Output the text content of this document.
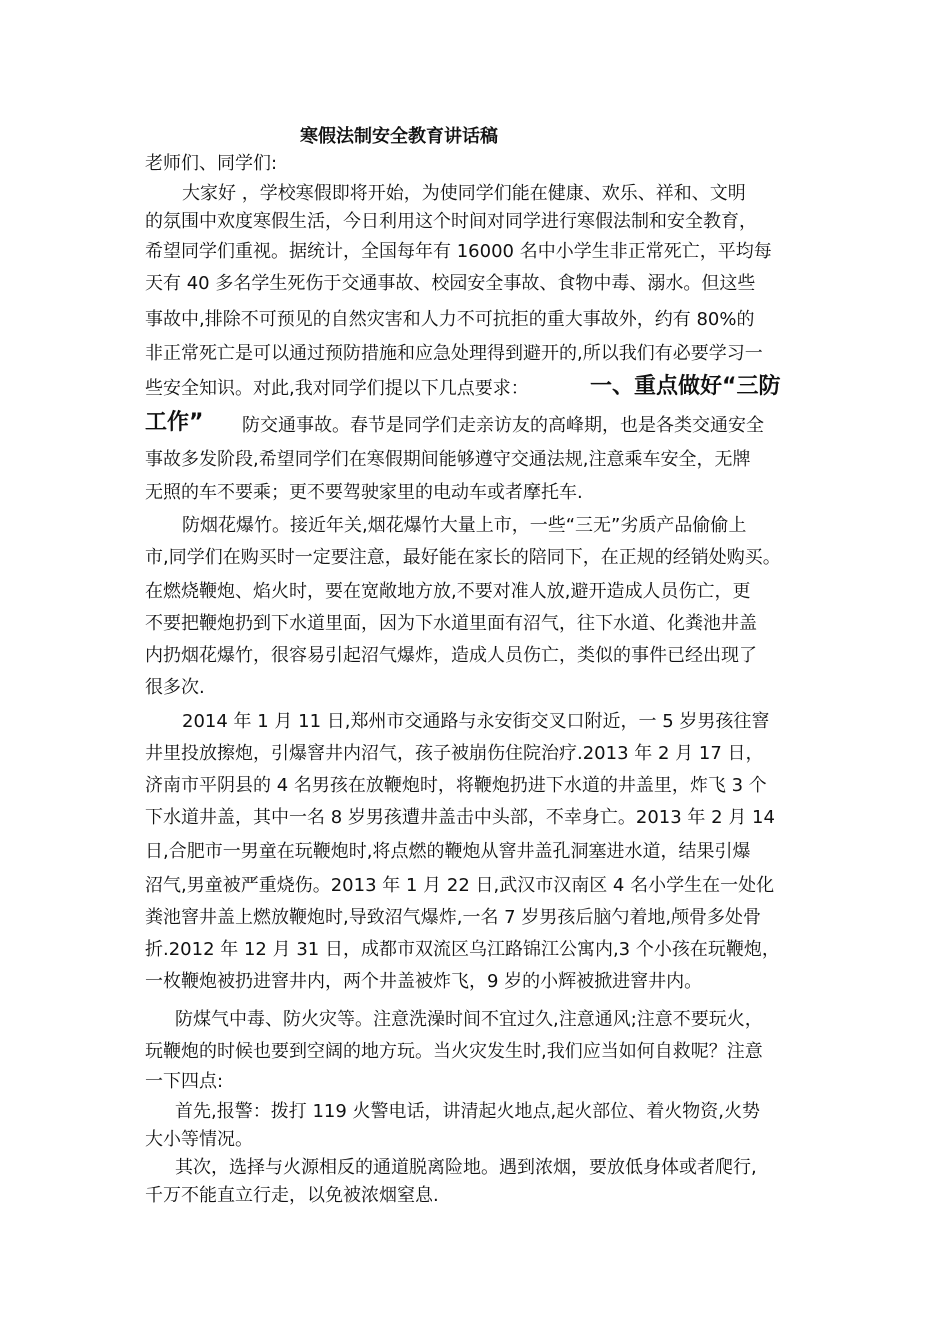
寒假法制安全教育讲话稿
老师们、同学们:
大家好 ，学校寒假即将开始，为使同学们能在健康、欢乐、祥和、文明
的氛围中欢度寒假生活，今日利用这个时间对同学进行寒假法制和安全教育，
希望同学们重视。据统计，全国每年有 16000 名中小学生非正常死亡，平均每
天有 40 多名学生死伤于交通事故、校园安全事故、食物中毒、溺水。但这些
事故中,排除不可预见的自然灾害和人力不可抗拒的重大事故外，约有 80%的
非正常死亡是可以通过预防措施和应急处理得到避开的,所以我们有必要学习一
些安全知识。对此,我对同学们提以下几点要求：	一、重点做好“三防
工作” 防交通事故。春节是同学们走亲访友的高峰期，也是各类交通安全
事故多发阶段,希望同学们在寒假期间能够遵守交通法规,注意乘车安全，无牌
无照的车不要乘；更不要驾驶家里的电动车或者摩托车.
防烟花爆竹。接近年关,烟花爆竹大量上市，一些“三无”劣质产品偷偷上
市,同学们在购买时一定要注意，最好能在家长的陪同下，在正规的经销处购买。
在燃烧鞭炮、焰火时，要在宽敞地方放,不要对准人放,避开造成人员伤亡，更
不要把鞭炮扔到下水道里面，因为下水道里面有沼气，往下水道、化粪池井盖
内扔烟花爆竹，很容易引起沼气爆炸，造成人员伤亡，类似的事件已经出现了
很多次.
2014 年 1 月 11 日,郑州市交通路与永安街交叉口附近，一 5 岁男孩往窨
井里投放擦炮，引爆窨井内沼气，孩子被崩伤住院治疗.2013 年 2 月 17 日，
济南市平阴县的 4 名男孩在放鞭炮时，将鞭炮扔进下水道的井盖里，炸飞 3 个
下水道井盖，其中一名 8 岁男孩遭井盖击中头部，不幸身亡。2013 年 2 月 14
日,合肥市一男童在玩鞭炮时,将点燃的鞭炮从窨井盖孔洞塞进水道，结果引爆
沼气,男童被严重烧伤。2013 年 1 月 22 日,武汉市汉南区 4 名小学生在一处化
粪池窨井盖上燃放鞭炮时,导致沼气爆炸,一名 7 岁男孩后脑勺着地,颅骨多处骨
折.2012 年 12 月 31 日，成都市双流区乌江路锦江公寓内,3 个小孩在玩鞭炮，
一枚鞭炮被扔进窨井内，两个井盖被炸飞，9 岁的小辉被掀进窨井内。
防煤气中毒、防火灾等。注意洗澡时间不宜过久,注意通风;注意不要玩火，
玩鞭炮的时候也要到空阔的地方玩。当火灾发生时,我们应当如何自救呢？注意
一下四点:
首先,报警：拨打 119 火警电话，讲清起火地点,起火部位、着火物资,火势
大小等情况。
其次，选择与火源相反的通道脱离险地。遇到浓烟，要放低身体或者爬行,
千万不能直立行走，以免被浓烟窒息.
